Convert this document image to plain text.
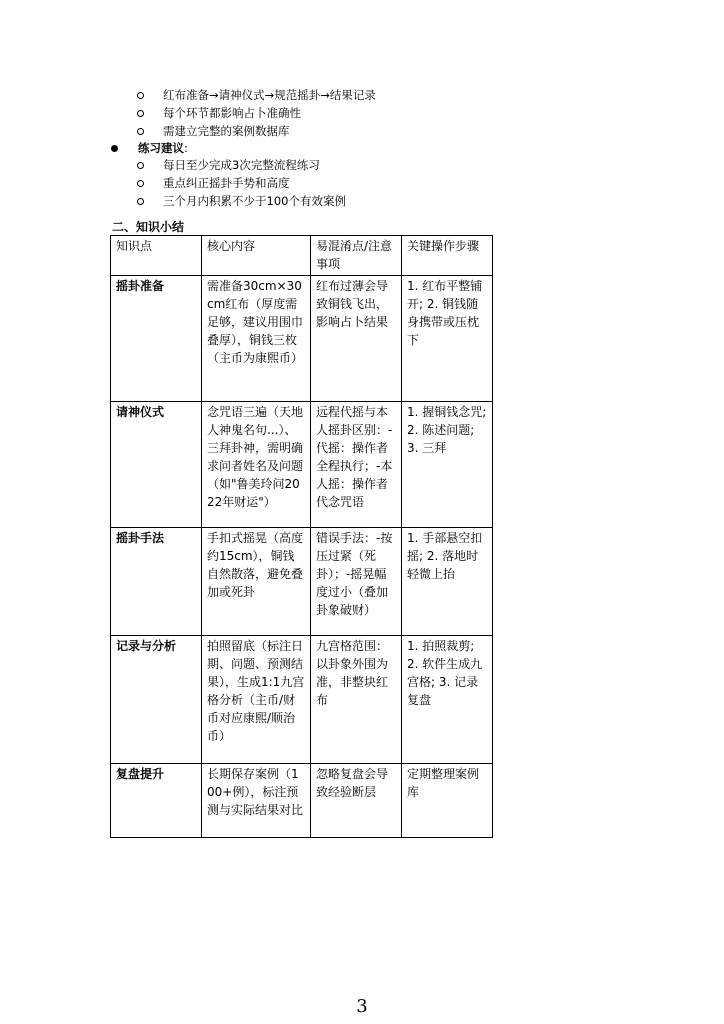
红布准备→请神仪式→规范摇卦→结果记录
每个环节都影响占卜准确性
需建立完整的案例数据库
练习建议:
每日至少完成3次完整流程练习
重点纠正摇卦手势和高度
三个月内积累不少于100个有效案例
二、知识小结
知识点	核心内容	易混淆点/注意事项	关键操作步骤
摇卦准备	需准备30cm×30cm红布（厚度需足够，建议用围巾叠厚），铜钱三枚（主币为康熙币）	红布过薄会导致铜钱飞出，影响占卜结果	1. 红布平整铺开; 2. 铜钱随身携带或压枕下
请神仪式	念咒语三遍（天地人神鬼名句...）、三拜卦神，需明确求问者姓名及问题（如"鲁美玲问2022年财运"）	远程代摇与本人摇卦区别：-代摇：操作者全程执行；-本人摇：操作者代念咒语	1. 握铜钱念咒; 2. 陈述问题; 3. 三拜
摇卦手法	手扣式摇晃（高度约15cm），铜钱自然散落，避免叠加或死卦	错误手法：-按压过紧（死卦）；-摇晃幅度过小（叠加卦象破财）	1. 手部悬空扣摇; 2. 落地时轻微上抬
记录与分析	拍照留底（标注日期、问题、预测结果），生成1:1九宫格分析（主币/财币对应康熙/顺治币）	九宫格范围：以卦象外围为准，非整块红布	1. 拍照裁剪; 2. 软件生成九宫格; 3. 记录复盘
复盘提升	长期保存案例（100+例），标注预测与实际结果对比	忽略复盘会导致经验断层	定期整理案例库
3
